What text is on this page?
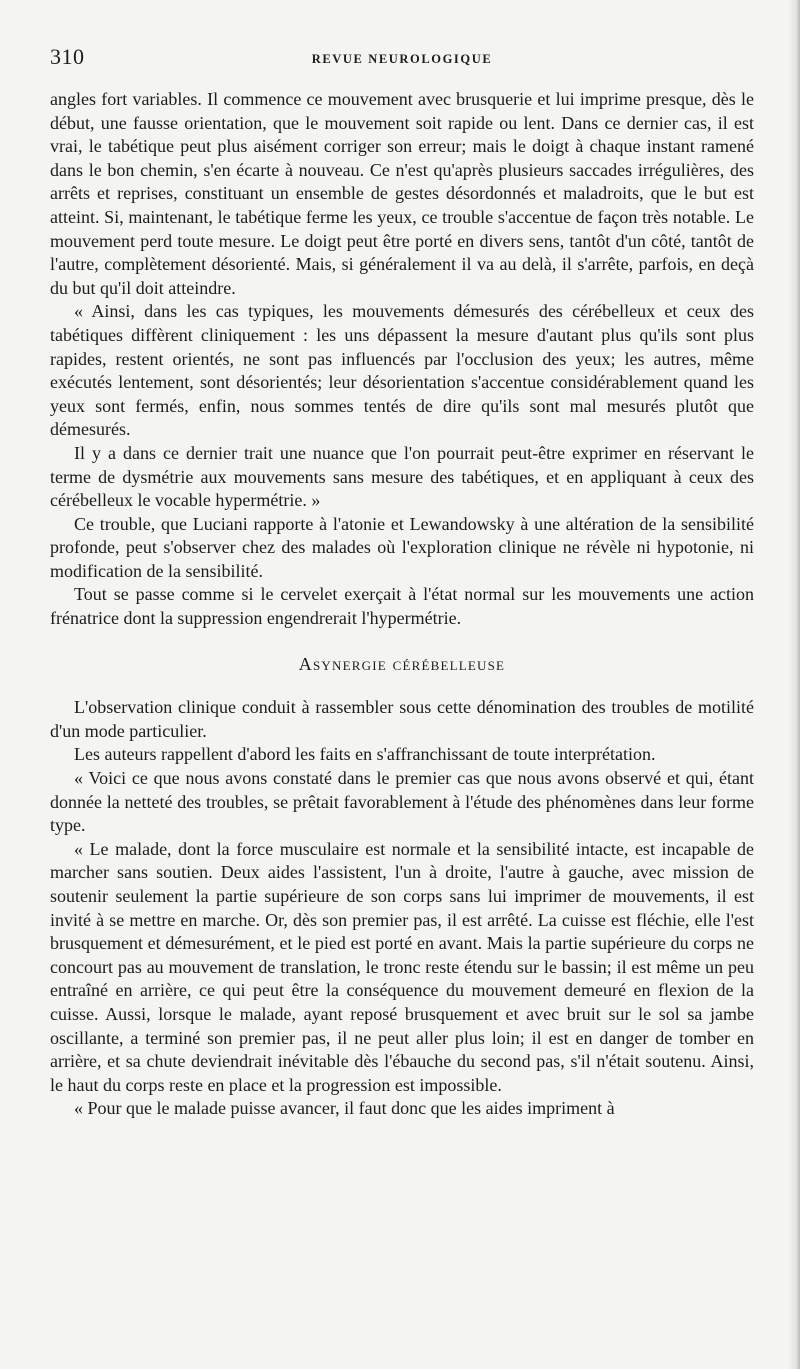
310	REVUE NEUROLOGIQUE

angles fort variables. Il commence ce mouvement avec brusquerie et lui imprime presque, dès le début, une fausse orientation, que le mouvement soit rapide ou lent. Dans ce dernier cas, il est vrai, le tabétique peut plus aisément corriger son erreur; mais le doigt à chaque instant ramené dans le bon chemin, s'en écarte à nouveau. Ce n'est qu'après plusieurs saccades irrégulières, des arrêts et reprises, constituant un ensemble de gestes désordonnés et maladroits, que le but est atteint. Si, maintenant, le tabétique ferme les yeux, ce trouble s'accentue de façon très notable. Le mouvement perd toute mesure. Le doigt peut être porté en divers sens, tantôt d'un côté, tantôt de l'autre, complètement désorienté. Mais, si généralement il va au delà, il s'arrête, parfois, en deçà du but qu'il doit atteindre.

« Ainsi, dans les cas typiques, les mouvements démesurés des cérébelleux et ceux des tabétiques diffèrent cliniquement : les uns dépassent la mesure d'autant plus qu'ils sont plus rapides, restent orientés, ne sont pas influencés par l'occlusion des yeux; les autres, même exécutés lentement, sont désorientés; leur désorientation s'accentue considérablement quand les yeux sont fermés, enfin, nous sommes tentés de dire qu'ils sont mal mesurés plutôt que démesurés.

Il y a dans ce dernier trait une nuance que l'on pourrait peut-être exprimer en réservant le terme de dysmétrie aux mouvements sans mesure des tabétiques, et en appliquant à ceux des cérébelleux le vocable hypermétrie. »

Ce trouble, que Luciani rapporte à l'atonie et Lewandowsky à une altération de la sensibilité profonde, peut s'observer chez des malades où l'exploration clinique ne révèle ni hypotonie, ni modification de la sensibilité.

Tout se passe comme si le cervelet exerçait à l'état normal sur les mouvements une action frénatrice dont la suppression engendrerait l'hypermétrie.

Asynergie cérébelleuse

L'observation clinique conduit à rassembler sous cette dénomination des troubles de motilité d'un mode particulier.

Les auteurs rappellent d'abord les faits en s'affranchissant de toute interprétation.

« Voici ce que nous avons constaté dans le premier cas que nous avons observé et qui, étant donnée la netteté des troubles, se prêtait favorablement à l'étude des phénomènes dans leur forme type.

« Le malade, dont la force musculaire est normale et la sensibilité intacte, est incapable de marcher sans soutien. Deux aides l'assistent, l'un à droite, l'autre à gauche, avec mission de soutenir seulement la partie supérieure de son corps sans lui imprimer de mouvements, il est invité à se mettre en marche. Or, dès son premier pas, il est arrêté. La cuisse est fléchie, elle l'est brusquement et démesurément, et le pied est porté en avant. Mais la partie supérieure du corps ne concourt pas au mouvement de translation, le tronc reste étendu sur le bassin; il est même un peu entraîné en arrière, ce qui peut être la conséquence du mouvement demeuré en flexion de la cuisse. Aussi, lorsque le malade, ayant reposé brusquement et avec bruit sur le sol sa jambe oscillante, a terminé son premier pas, il ne peut aller plus loin; il est en danger de tomber en arrière, et sa chute deviendrait inévitable dès l'ébauche du second pas, s'il n'était soutenu. Ainsi, le haut du corps reste en place et la progression est impossible.

« Pour que le malade puisse avancer, il faut donc que les aides impriment à
